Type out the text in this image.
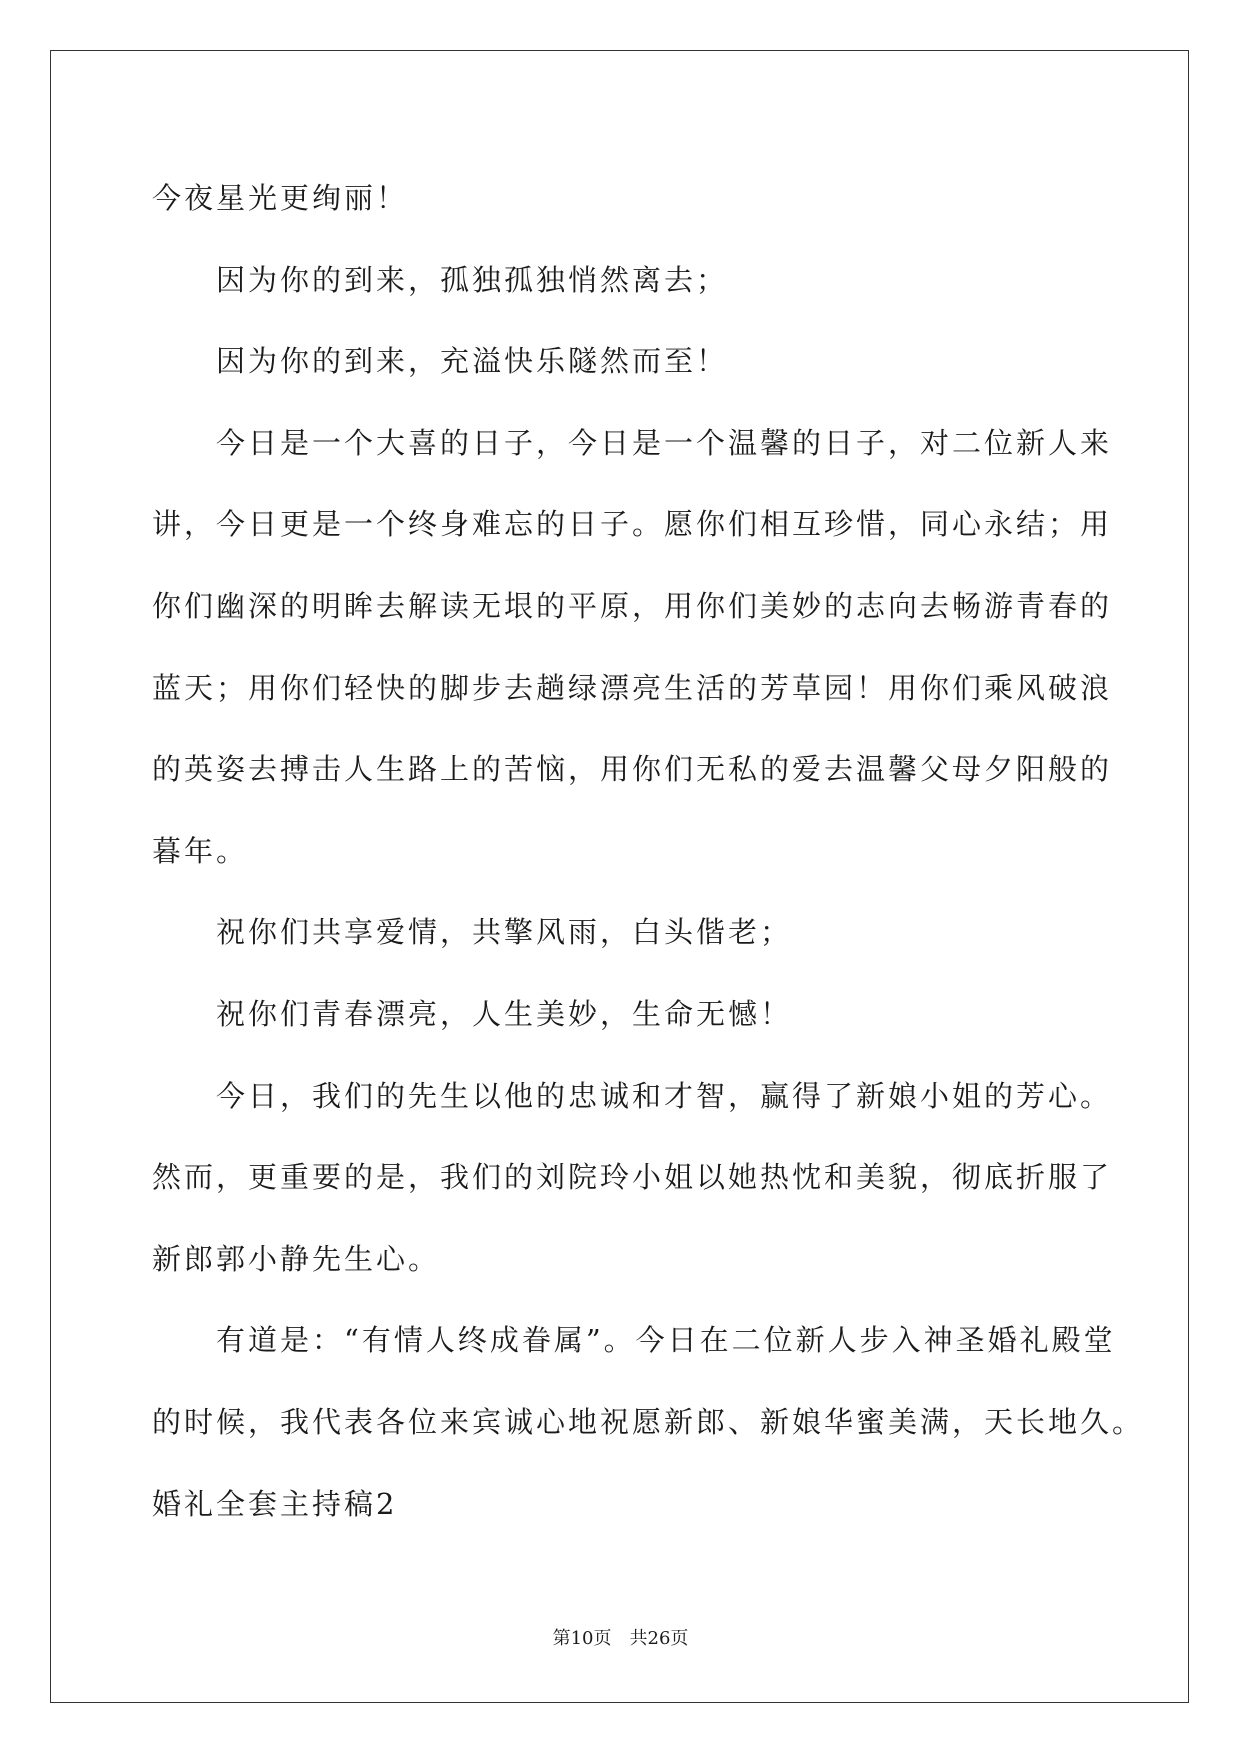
今夜星光更绚丽！

因为你的到来，孤独孤独悄然离去；

因为你的到来，充溢快乐隧然而至！

今日是一个大喜的日子，今日是一个温馨的日子，对二位新人来

讲，今日更是一个终身难忘的日子。愿你们相互珍惜，同心永结；用

你们幽深的明眸去解读无垠的平原，用你们美妙的志向去畅游青春的

蓝天；用你们轻快的脚步去趟绿漂亮生活的芳草园！用你们乘风破浪

的英姿去搏击人生路上的苦恼，用你们无私的爱去温馨父母夕阳般的

暮年。

祝你们共享爱情，共擎风雨，白头偕老；

祝你们青春漂亮，人生美妙，生命无憾！

今日，我们的先生以他的忠诚和才智，赢得了新娘小姐的芳心。

然而，更重要的是，我们的刘院玲小姐以她热忱和美貌，彻底折服了

新郎郭小静先生心。

有道是：“有情人终成眷属”。今日在二位新人步入神圣婚礼殿堂

的时候，我代表各位来宾诚心地祝愿新郎、新娘华蜜美满，天长地久。

婚礼全套主持稿2

第10页 共26页
